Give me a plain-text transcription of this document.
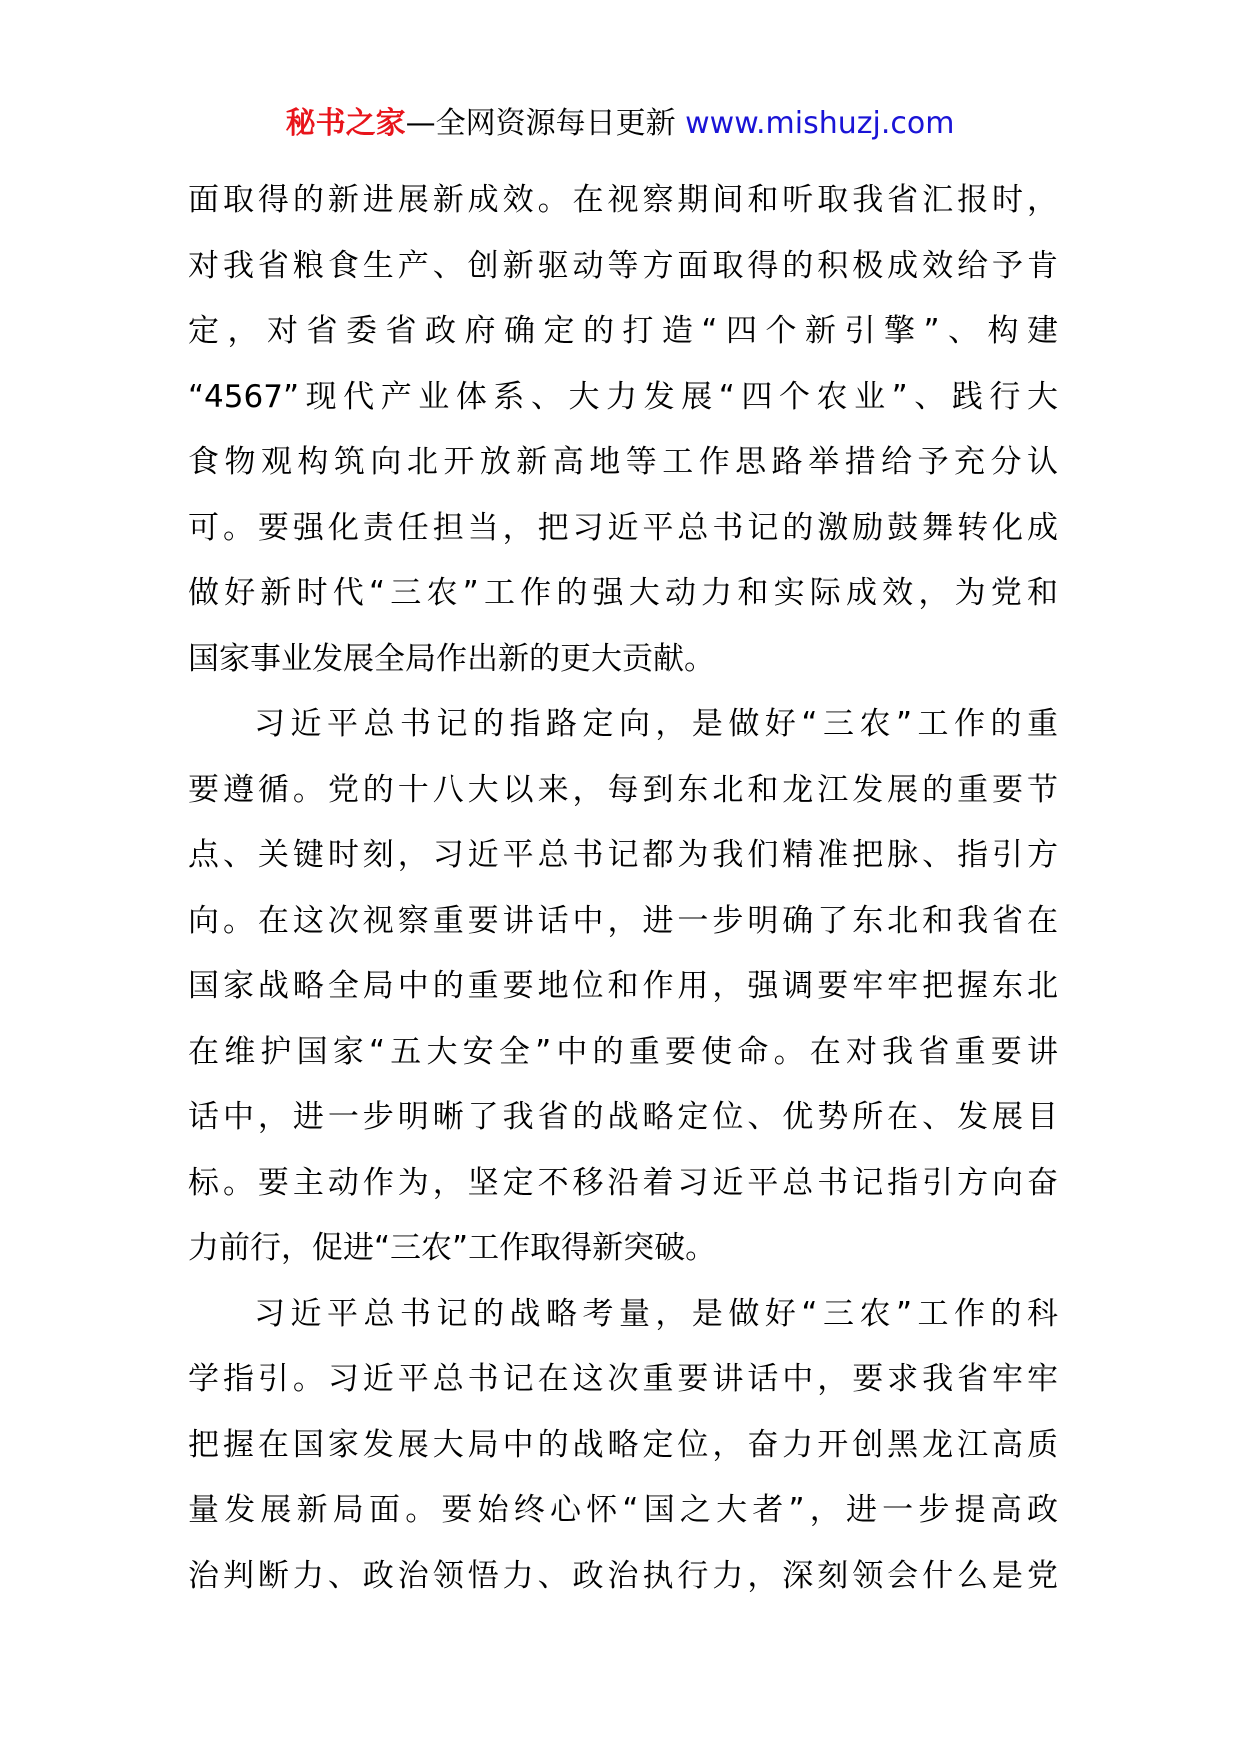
秘书之家—全网资源每日更新 www.mishuzj.com
面取得的新进展新成效。在视察期间和听取我省汇报时，
对我省粮食生产、创新驱动等方面取得的积极成效给予肯
定，对省委省政府确定的打造“四个新引擎”、构建
“4567”现代产业体系、大力发展“四个农业”、践行大
食物观构筑向北开放新高地等工作思路举措给予充分认
可。要强化责任担当，把习近平总书记的激励鼓舞转化成
做好新时代“三农”工作的强大动力和实际成效，为党和
国家事业发展全局作出新的更大贡献。
习近平总书记的指路定向，是做好“三农”工作的重
要遵循。党的十八大以来，每到东北和龙江发展的重要节
点、关键时刻，习近平总书记都为我们精准把脉、指引方
向。在这次视察重要讲话中，进一步明确了东北和我省在
国家战略全局中的重要地位和作用，强调要牢牢把握东北
在维护国家“五大安全”中的重要使命。在对我省重要讲
话中，进一步明晰了我省的战略定位、优势所在、发展目
标。要主动作为，坚定不移沿着习近平总书记指引方向奋
力前行，促进“三农”工作取得新突破。
习近平总书记的战略考量，是做好“三农”工作的科
学指引。习近平总书记在这次重要讲话中，要求我省牢牢
把握在国家发展大局中的战略定位，奋力开创黑龙江高质
量发展新局面。要始终心怀“国之大者”，进一步提高政
治判断力、政治领悟力、政治执行力，深刻领会什么是党
